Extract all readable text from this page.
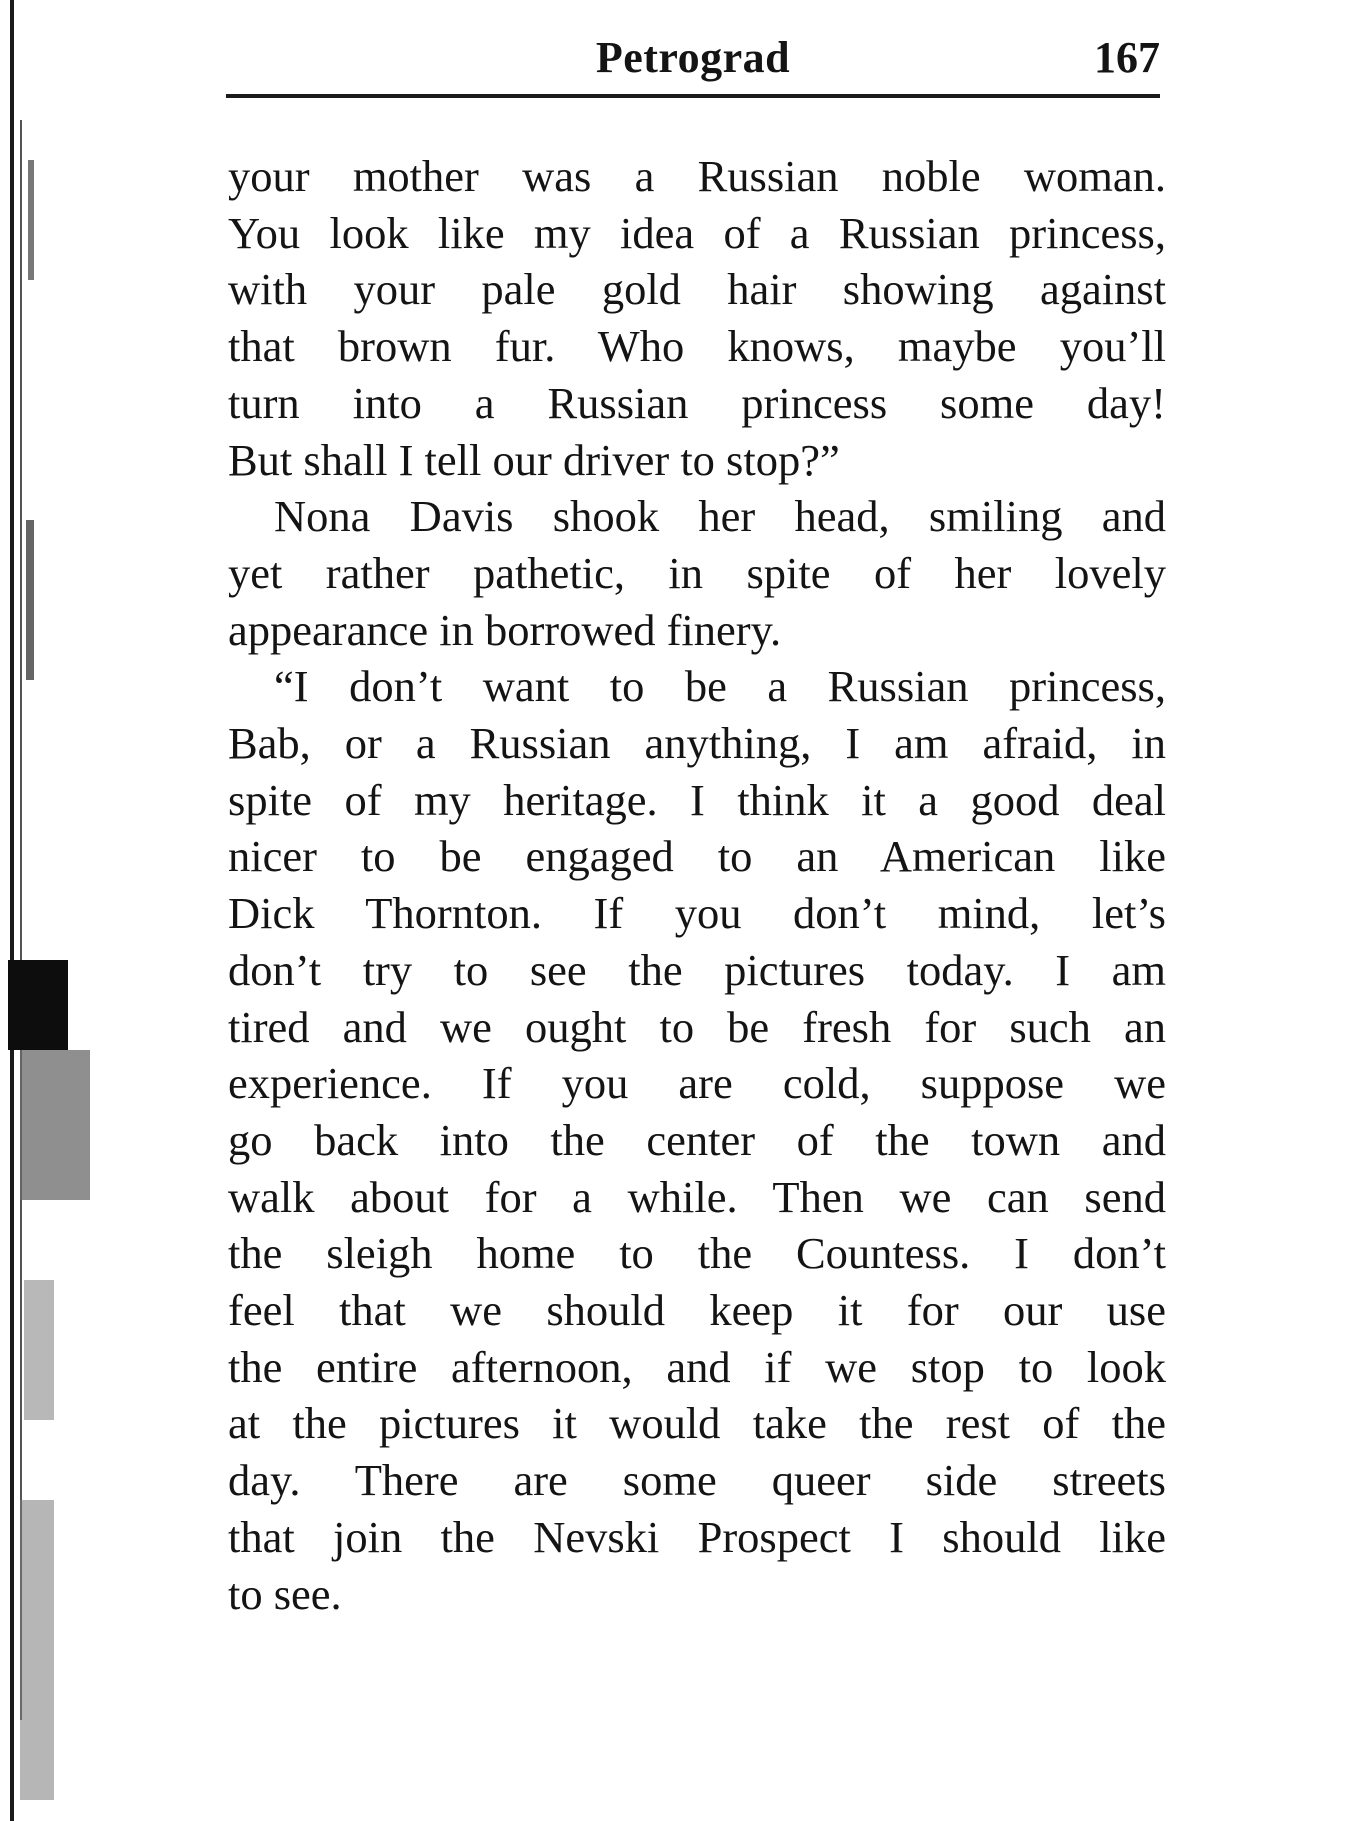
Petrograd	167

your mother was a Russian noble woman.
You look like my idea of a Russian princess,
with your pale gold hair showing against
that brown fur. Who knows, maybe you’ll
turn into a Russian princess some day!
But shall I tell our driver to stop?”

Nona Davis shook her head, smiling and
yet rather pathetic, in spite of her lovely
appearance in borrowed finery.

“I don’t want to be a Russian princess,
Bab, or a Russian anything, I am afraid, in
spite of my heritage. I think it a good deal
nicer to be engaged to an American like
Dick Thornton. If you don’t mind, let’s
don’t try to see the pictures today. I am
tired and we ought to be fresh for such an
experience. If you are cold, suppose we
go back into the center of the town and
walk about for a while. Then we can send
the sleigh home to the Countess. I don’t
feel that we should keep it for our use
the entire afternoon, and if we stop to look
at the pictures it would take the rest of the
day. There are some queer side streets
that join the Nevski Prospect I should like
to see.
